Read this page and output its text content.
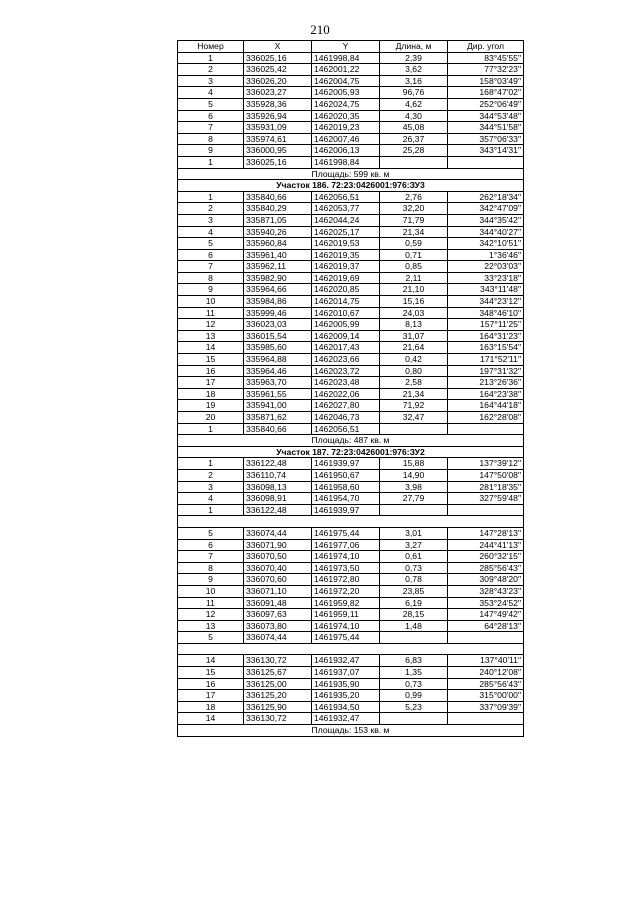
210
Номер	X	Y	Длина, м	Дир. угол
1	336025,16	1461998,84	2,39	83°45'55"
2	336025,42	1462001,22	3,62	77°32'23"
3	336026,20	1462004,75	3,16	158°03'49"
4	336023,27	1462005,93	96,76	168°47'02"
5	335928,36	1462024,75	4,62	252°06'49"
6	335926,94	1462020,35	4,30	344°53'48"
7	335931,09	1462019,23	45,08	344°51'58"
8	335974,61	1462007,46	26,37	357°06'33"
9	336000,95	1462006,13	25,28	343°14'31"
1	336025,16	1461998,84		
Площадь: 599 кв. м				
Участок 186. 72:23:0426001:976:ЗУ3				
1	335840,66	1462056,51	2,76	262°18'34"
2	335840,29	1462053,77	32,20	342°47'09"
3	335871,05	1462044,24	71,79	344°35'42"
4	335940,26	1462025,17	21,34	344°40'27"
5	335960,84	1462019,53	0,59	342°10'51"
6	335961,40	1462019,35	0,71	1°36'46"
7	335962,11	1462019,37	0,85	22°03'03"
8	335982,90	1462019,69	2,11	33°23'18"
9	335964,66	1462020,85	21,10	343°11'48"
10	335984,86	1462014,75	15,16	344°23'12"
11	335999,46	1462010,67	24,03	348°46'10"
12	336023,03	1462005,99	8,13	157°11'25"
13	336015,54	1462009,14	31,07	164°31'23"
14	335985,60	1462017,43	21,64	163°15'54"
15	335964,88	1462023,66	0,42	171°52'11"
16	335964,46	1462023,72	0,80	197°31'32"
17	335963,70	1462023,48	2,58	213°26'36"
18	335961,55	1462022,06	21,34	164°23'38"
19	335941,00	1462027,80	71,92	164°44'18"
20	335871,62	1462046,73	32,47	162°28'08"
1	335840,66	1462056,51		
Площадь: 487 кв. м				
Участок 187. 72:23:0426001:976:ЗУ2				
1	336122,48	1461939,97	15,88	137°39'12"
2	336110,74	1461950,67	14,90	147°50'08"
3	336098,13	1461958,60	3,98	281°18'35"
4	336098,91	1461954,70	27,79	327°59'48"
1	336122,48	1461939,97		

5	336074,44	1461975,44	3,01	147°28'13"
6	336071,90	1461977,06	3,27	244°41'13"
7	336070,50	1461974,10	0,61	260°32'15"
8	336070,40	1461973,50	0,73	285°56'43"
9	336070,60	1461972,80	0,78	309°48'20"
10	336071,10	1461972,20	23,85	328°43'23"
11	336091,48	1461959,82	6,19	353°24'52"
12	336097,63	1461959,11	28,15	147°49'42"
13	336073,80	1461974,10	1,48	64°28'13"
5	336074,44	1461975,44		

14	336130,72	1461932,47	6,83	137°40'11"
15	336125,67	1461937,07	1,35	240°12'08"
16	336125,00	1461935,90	0,73	285°56'43"
17	336125,20	1461935,20	0,99	315°00'00"
18	336125,90	1461934,50	5,23	337°09'39"
14	336130,72	1461932,47		
Площадь: 153 кв. м				
